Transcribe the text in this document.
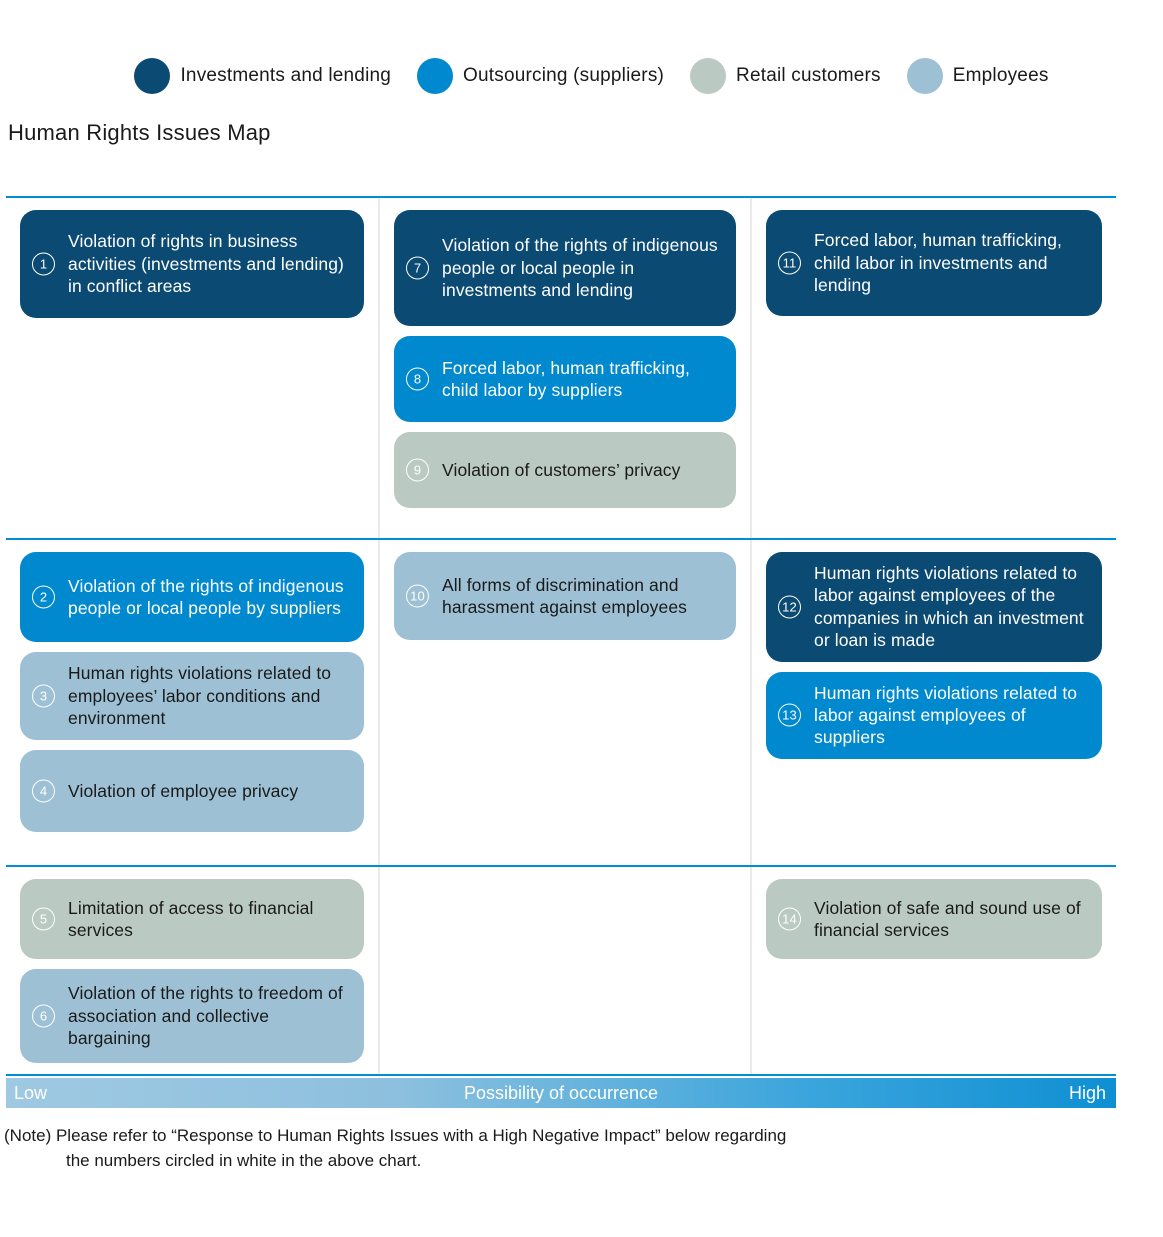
Investments and lending	Outsourcing (suppliers)	Retail customers	Employees
Human Rights Issues Map
1
Violation of rights in business activities (investments and lending) in conflict areas
7
Violation of the rights of indigenous people or local people in investments and lending
8
Forced labor, human trafficking, child labor by suppliers
9	Violation of customers’ privacy
11
Forced labor, human trafficking, child labor in investments and lending
2
Violation of the rights of indigenous people or local people by suppliers
3
Human rights violations related to employees’ labor conditions and environment
4	Violation of employee privacy
10
All forms of discrimination and harassment against employees	12
Human rights violations related to labor against employees of the companies in which an investment or loan is made
13
Human rights violations related to labor against employees of suppliers
5
Limitation of access to financial services
6
Violation of the rights to freedom of association and collective bargaining
14
Violation of safe and sound use of financial services
Low	Possibility of occurrence	High
(Note) Please refer to “Response to Human Rights Issues with a High Negative Impact” below regarding
the numbers circled in white in the above chart.
